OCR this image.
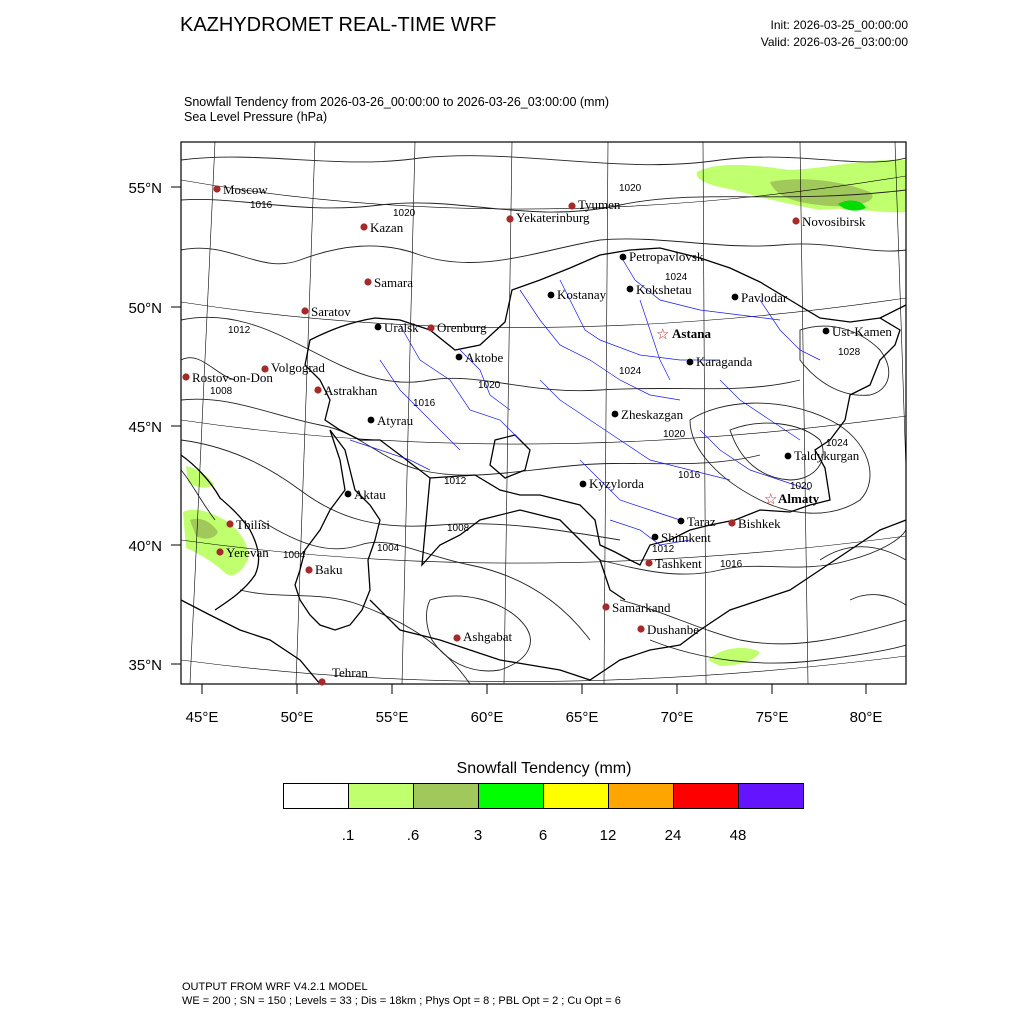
KAZHYDROMET REAL-TIME WRF	Init: 2026-03-25_00:00:00
Valid: 2026-03-26_03:00:00
Snowfall Tendency from 2026-03-26_00:00:00 to 2026-03-26_03:00:00 (mm)
Sea Level Pressure (hPa)
55°N
50°N
45°N
40°N
35°N
45°E	50°E	55°E	60°E	65°E	70°E	75°E	80°E
1016
1020
1020
1012
1008
1024
1020
1016
1020
1012
1008
1004
1004
1016
1012
1016
1020
1028
1024
1024
Moscow
Kazan
Tyumen
Yekaterinburg	Novosibirsk
Samara
Saratov
Orenburg
Volgograd
Rostov-on-Don
Astrakhan
Tbilisi
Yerevan
Baku
Ashgabat
Tehran
Samarkand
Dushanbe
Tashkent
Bishkek
Petropavlovsk
Kostanay Kokshetau
Pavlodar
Uralsk
Aktobe
Atyrau
Aktau
Ust-Kamen
Karaganda
Zheskazgan
Taldykurgan
Kyzylorda
Taraz
Shimkent
☆ Astana
☆ Almaty
Snowfall Tendency (mm)
.1	.6	3	6	12	24	48
OUTPUT FROM WRF V4.2.1 MODEL
WE = 200 ; SN = 150 ; Levels = 33 ; Dis = 18km ; Phys Opt = 8 ; PBL Opt = 2 ; Cu Opt = 6
